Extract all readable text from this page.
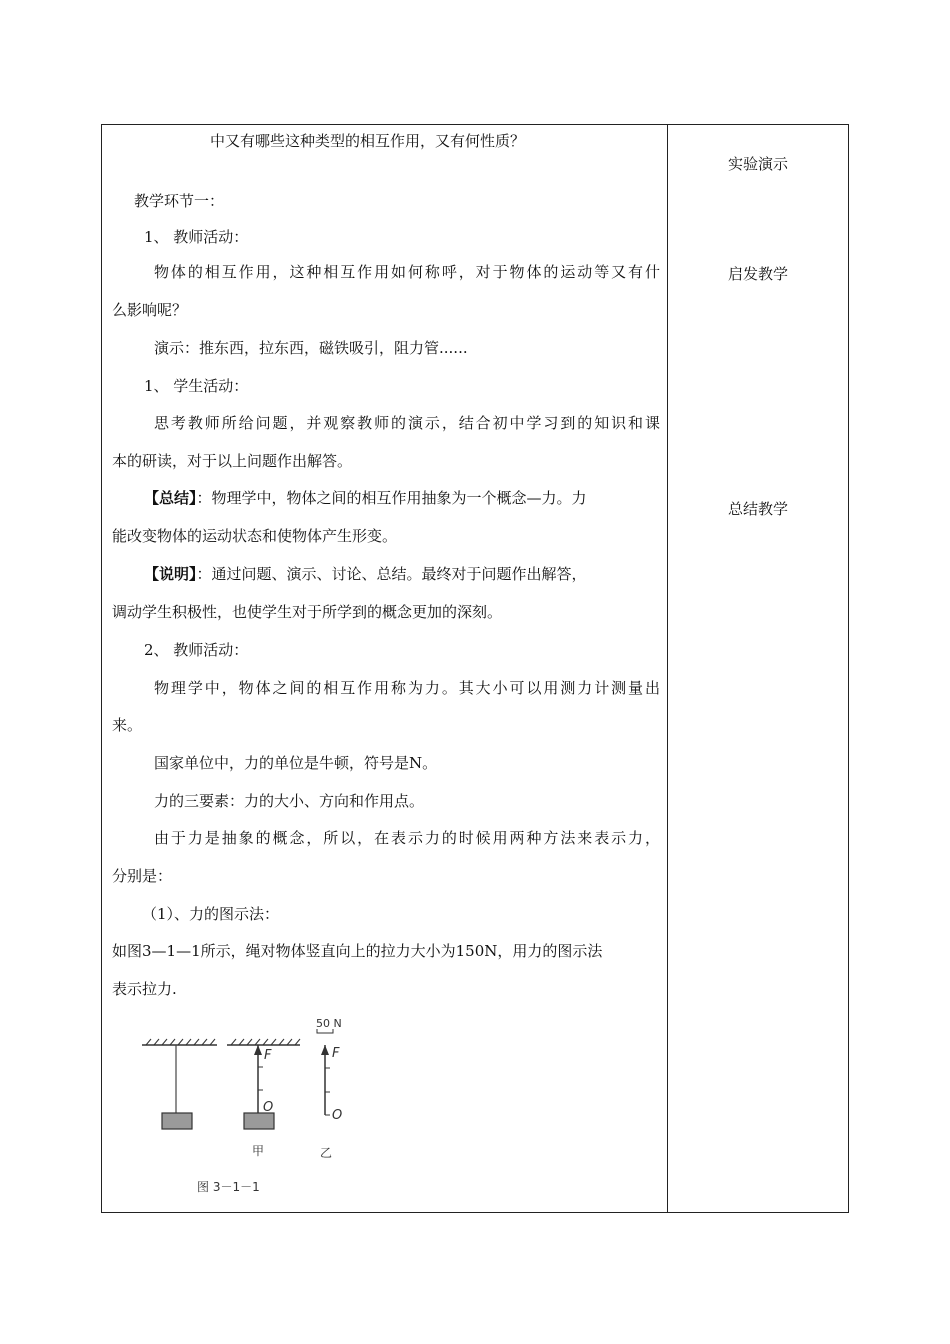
中又有哪些这种类型的相互作用，又有何性质？
教学环节一：
1、 教师活动：
物体的相互作用，这种相互作用如何称呼，对于物体的运动等又有什
么影响呢？
演示：推东西，拉东西，磁铁吸引，阻力管......
1、 学生活动：
思考教师所给问题，并观察教师的演示，结合初中学习到的知识和课
本的研读，对于以上问题作出解答。
【总结】：物理学中，物体之间的相互作用抽象为一个概念—力。力
能改变物体的运动状态和使物体产生形变。
【说明】：通过问题、演示、讨论、总结。最终对于问题作出解答，
调动学生积极性，也使学生对于所学到的概念更加的深刻。
2、 教师活动：
物理学中，物体之间的相互作用称为力。其大小可以用测力计测量出
来。
国家单位中，力的单位是牛顿，符号是N。
力的三要素：力的大小、方向和作用点。
由于力是抽象的概念，所以，在表示力的时候用两种方法来表示力，
分别是：
（1）、力的图示法：
如图3—1—1所示，绳对物体竖直向上的拉力大小为150N，用力的图示法
表示拉力.
50 N
F
O
F
O
甲	乙
图 3－1－1
实验演示
启发教学
总结教学
